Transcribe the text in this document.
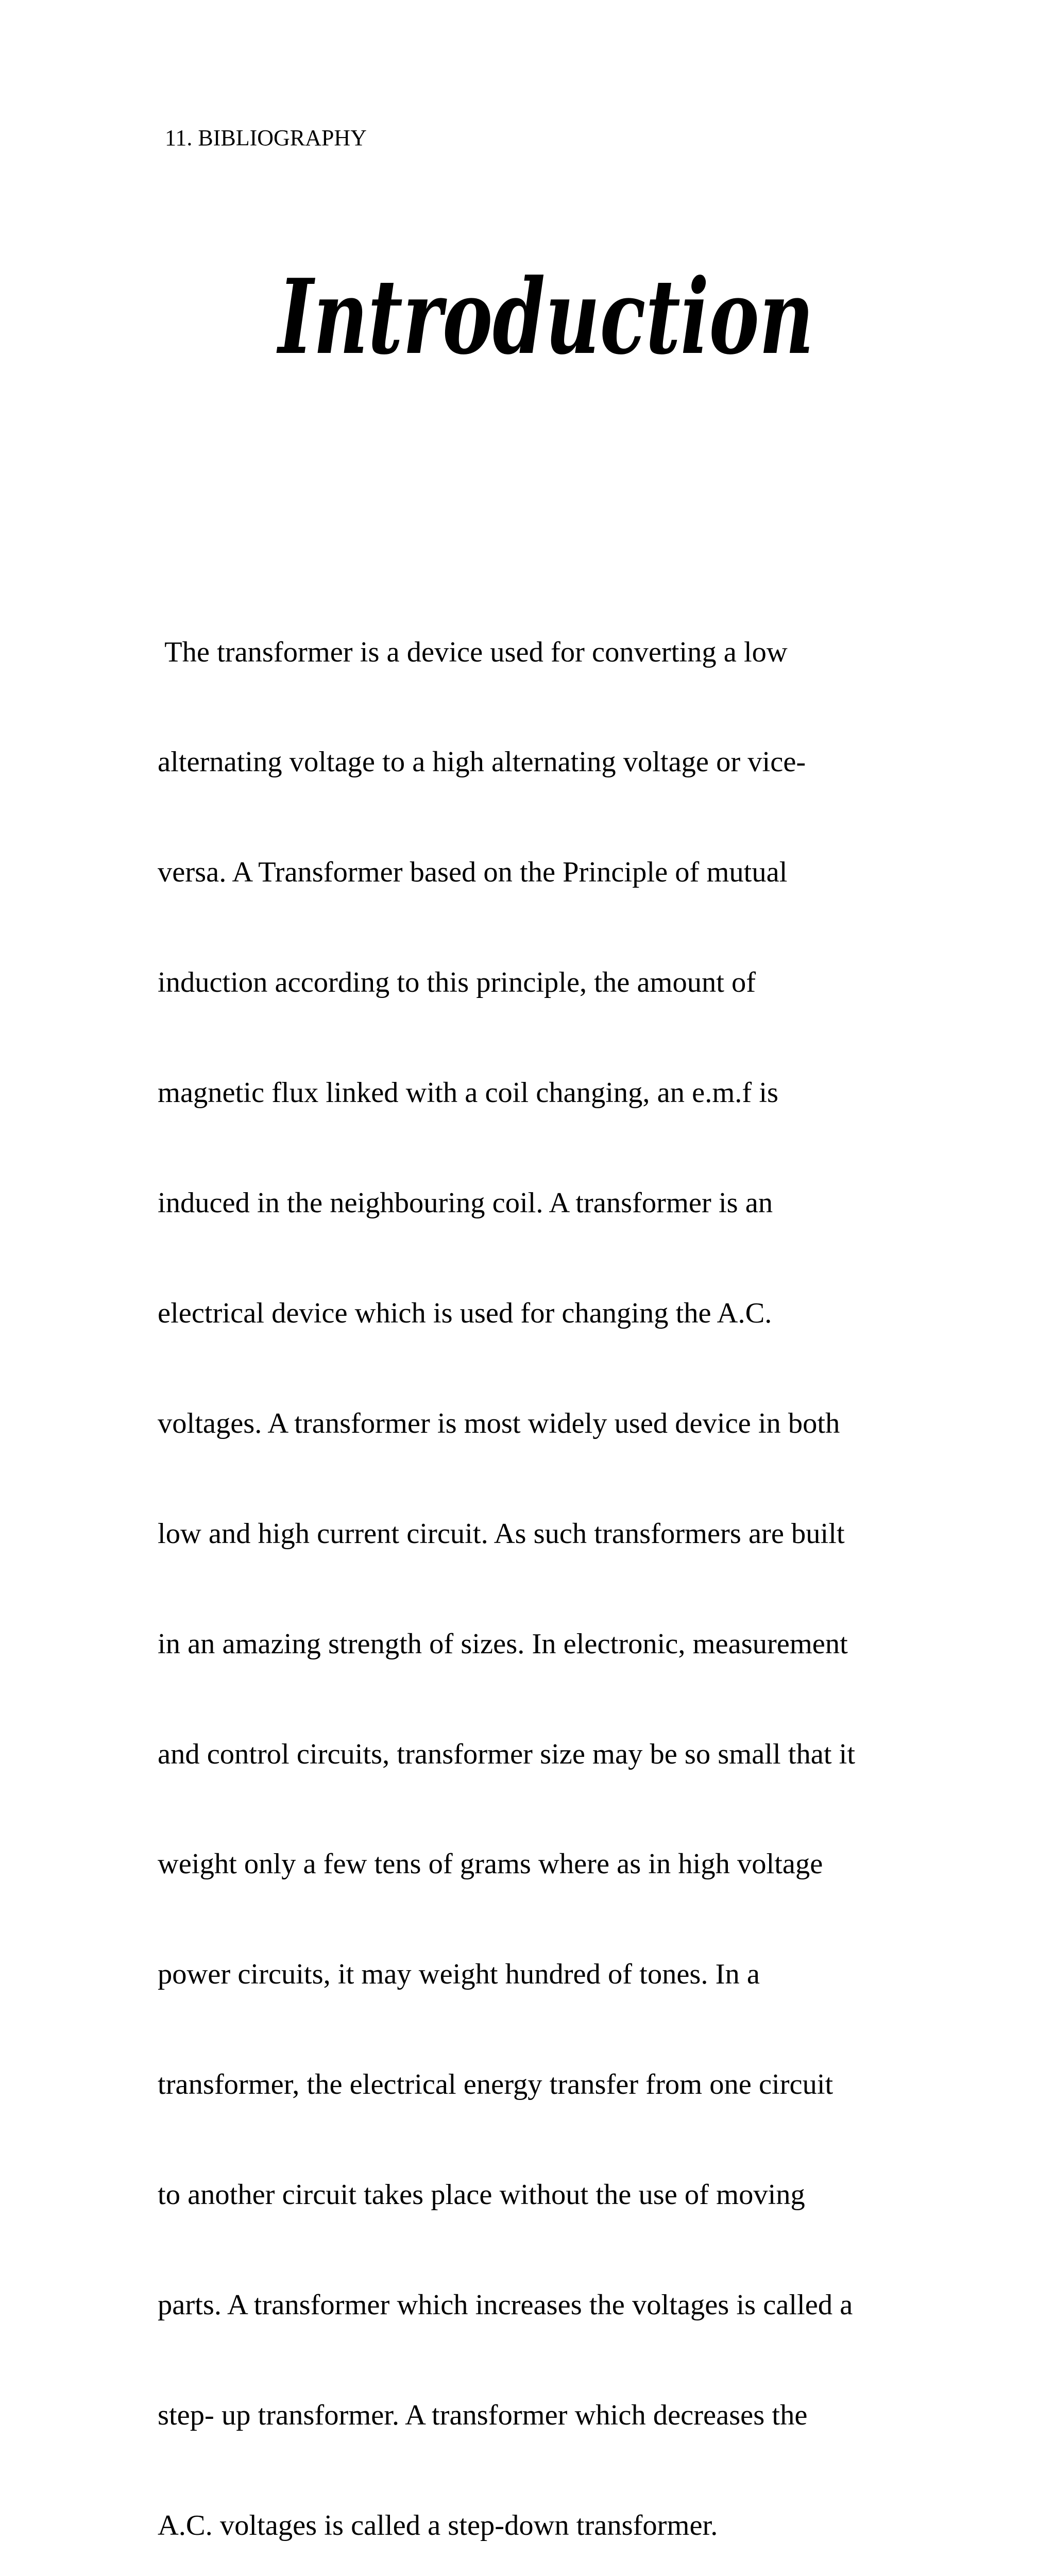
11. BIBLIOGRAPHY
Introduction

The transformer is a device used for converting a low

alternating voltage to a high alternating voltage or vice-

versa. A Transformer based on the Principle of mutual

induction according to this principle, the amount of

magnetic flux linked with a coil changing, an e.m.f is

induced in the neighbouring coil. A transformer is an

electrical device which is used for changing the A.C.

voltages. A transformer is most widely used device in both

low and high current circuit. As such transformers are built

in an amazing strength of sizes. In electronic, measurement

and control circuits, transformer size may be so small that it

weight only a few tens of grams where as in high voltage

power circuits, it may weight hundred of tones. In a

transformer, the electrical energy transfer from one circuit

to another circuit takes place without the use of moving

parts. A transformer which increases the voltages is called a

step- up transformer. A transformer which decreases the

A.C. voltages is called a step-down transformer.
